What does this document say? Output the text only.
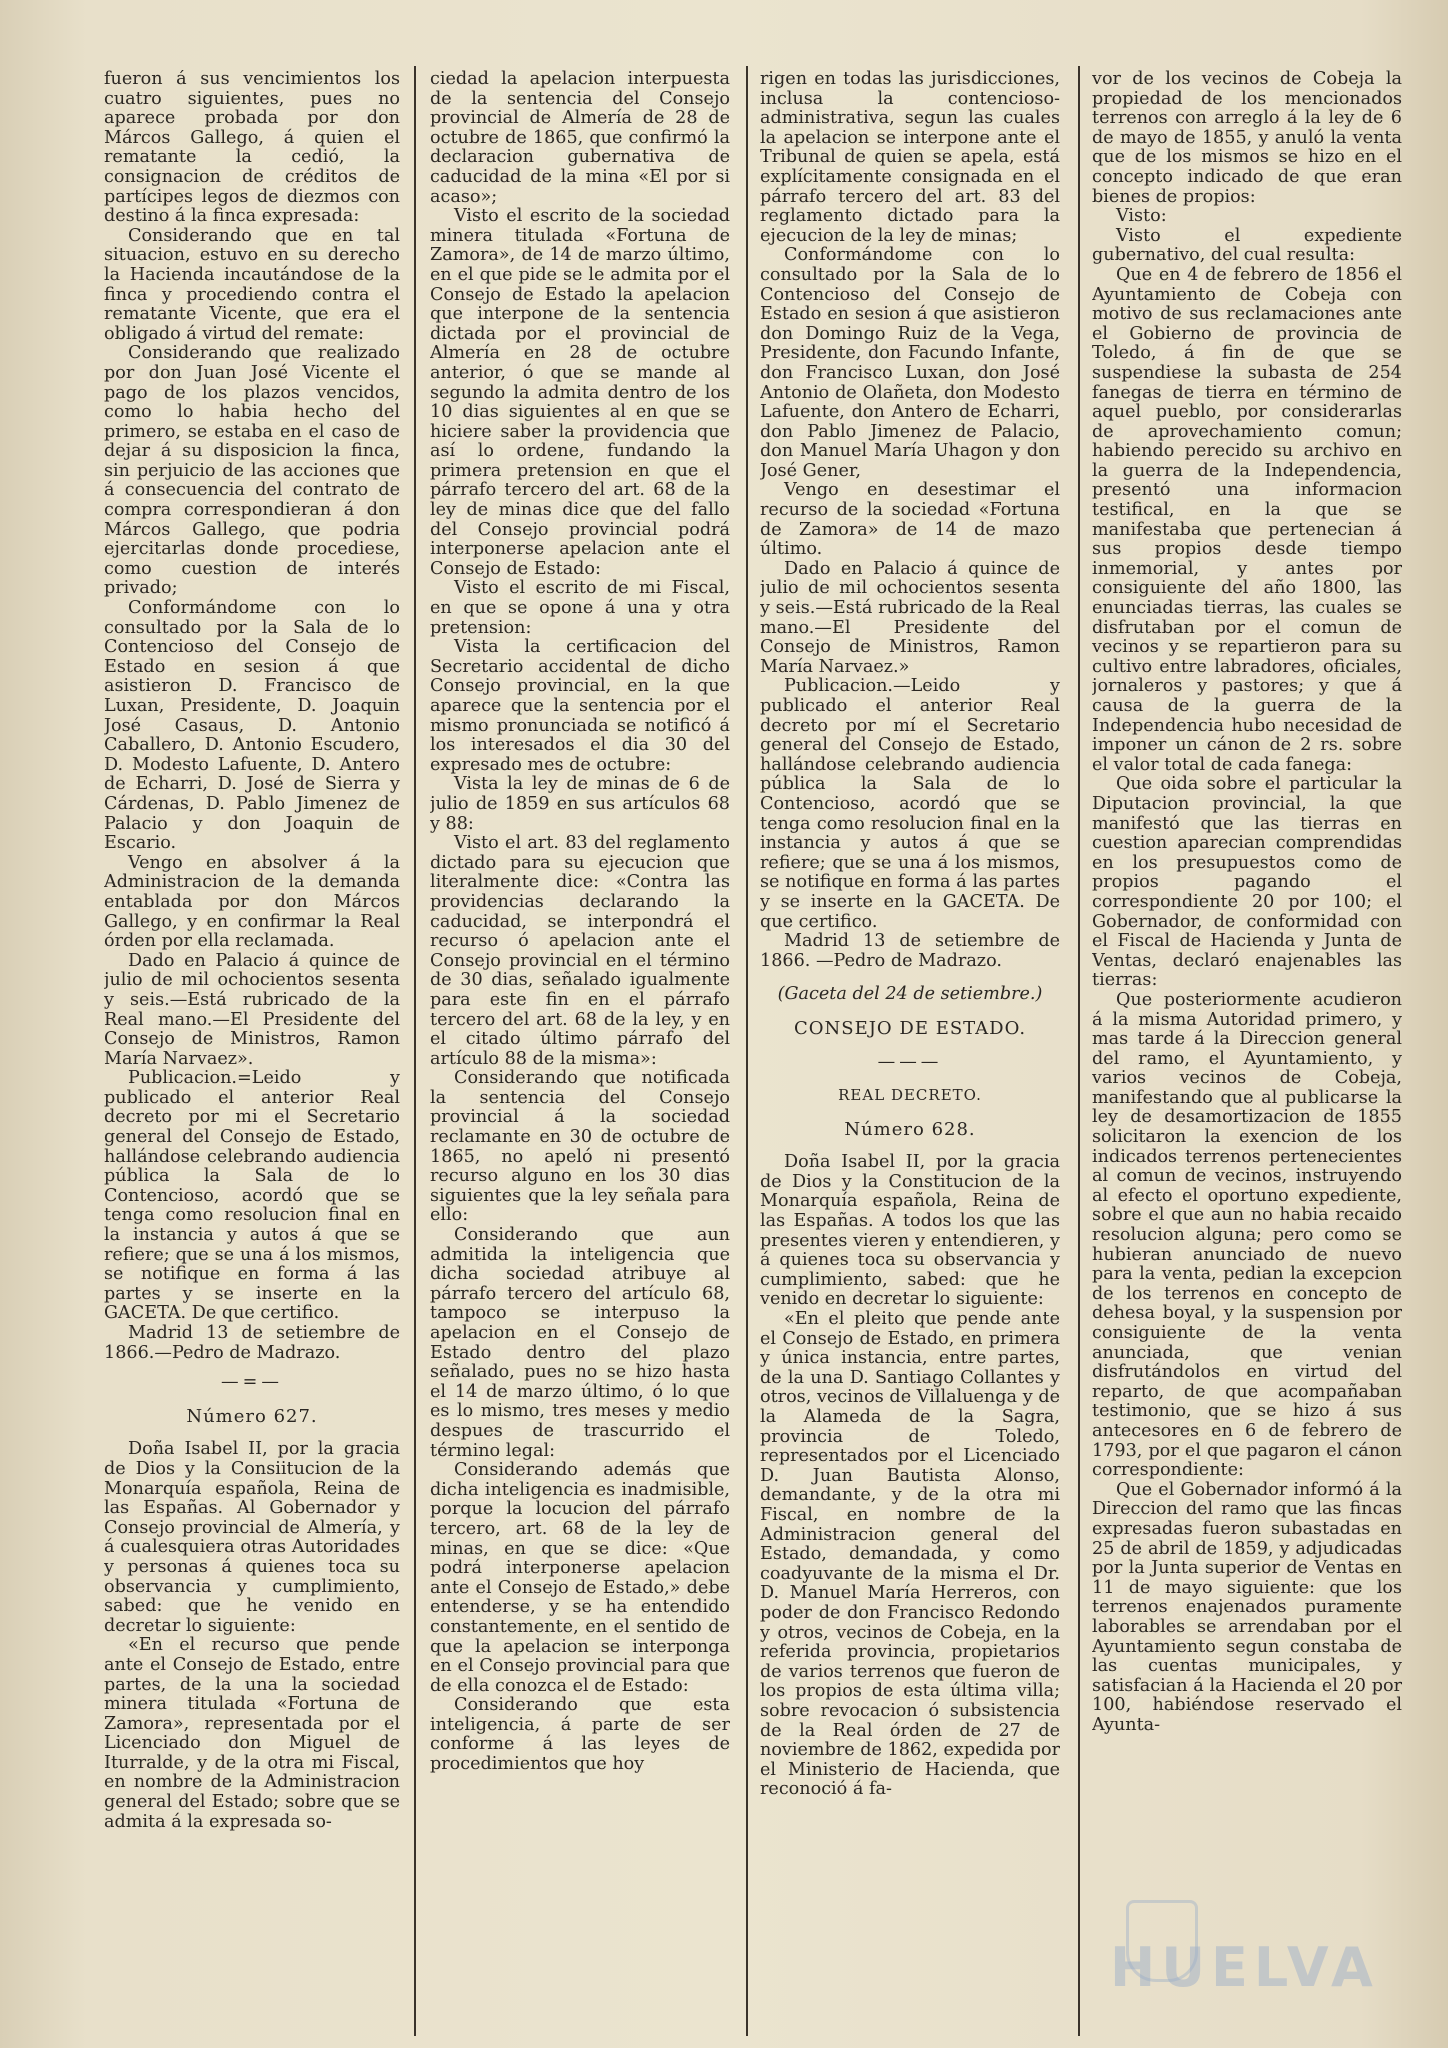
fueron á sus vencimientos los cuatro siguientes, pues no aparece probada por don Márcos Gallego, á quien el rematante la cedió, la consignacion de créditos de partícipes legos de diezmos con destino á la finca expresada:

Considerando que en tal situacion, estuvo en su derecho la Hacienda incautándose de la finca y procediendo contra el rematante Vicente, que era el obligado á virtud del remate:

Considerando que realizado por don Juan José Vicente el pago de los plazos vencidos, como lo habia hecho del primero, se estaba en el caso de dejar á su disposicion la finca, sin perjuicio de las acciones que á consecuencia del contrato de compra correspondieran á don Márcos Gallego, que podria ejercitarlas donde procediese, como cuestion de interés privado;

Conformándome con lo consultado por la Sala de lo Contencioso del Consejo de Estado en sesion á que asistieron D. Francisco de Luxan, Presidente, D. Joaquin José Casaus, D. Antonio Caballero, D. Antonio Escudero, D. Modesto Lafuente, D. Antero de Echarri, D. José de Sierra y Cárdenas, D. Pablo Jimenez de Palacio y don Joaquin de Escario.

Vengo en absolver á la Administracion de la demanda entablada por don Márcos Gallego, y en confirmar la Real órden por ella reclamada.

Dado en Palacio á quince de julio de mil ochocientos sesenta y seis.—Está rubricado de la Real mano.—El Presidente del Consejo de Ministros, Ramon María Narvaez».

Publicacion.=Leido y publicado el anterior Real decreto por mi el Secretario general del Consejo de Estado, hallándose celebrando audiencia pública la Sala de lo Contencioso, acordó que se tenga como resolucion final en la instancia y autos á que se refiere; que se una á los mismos, se notifique en forma á las partes y se inserte en la GACETA. De que certifico.

Madrid 13 de setiembre de 1866.—Pedro de Madrazo.

—=—

Número 627.

Doña Isabel II, por la gracia de Dios y la Consiitucion de la Monarquía española, Reina de las Españas. Al Gobernador y Consejo provincial de Almería, y á cualesquiera otras Autoridades y personas á quienes toca su observancia y cumplimiento, sabed: que he venido en decretar lo siguiente:

«En el recurso que pende ante el Consejo de Estado, entre partes, de la una la sociedad minera titulada «Fortuna de Zamora», representada por el Licenciado don Miguel de Iturralde, y de la otra mi Fiscal, en nombre de la Administracion general del Estado; sobre que se admita á la expresada so-

ciedad la apelacion interpuesta de la sentencia del Consejo provincial de Almería de 28 de octubre de 1865, que confirmó la declaracion gubernativa de caducidad de la mina «El por si acaso»;

Visto el escrito de la sociedad minera titulada «Fortuna de Zamora», de 14 de marzo último, en el que pide se le admita por el Consejo de Estado la apelacion que interpone de la sentencia dictada por el provincial de Almería en 28 de octubre anterior, ó que se mande al segundo la admita dentro de los 10 dias siguientes al en que se hiciere saber la providencia que así lo ordene, fundando la primera pretension en que el párrafo tercero del art. 68 de la ley de minas dice que del fallo del Consejo provincial podrá interponerse apelacion ante el Consejo de Estado:

Visto el escrito de mi Fiscal, en que se opone á una y otra pretension:

Vista la certificacion del Secretario accidental de dicho Consejo provincial, en la que aparece que la sentencia por el mismo pronunciada se notificó á los interesados el dia 30 del expresado mes de octubre:

Vista la ley de minas de 6 de julio de 1859 en sus artículos 68 y 88:

Visto el art. 83 del reglamento dictado para su ejecucion que literalmente dice: «Contra las providencias declarando la caducidad, se interpondrá el recurso ó apelacion ante el Consejo provincial en el término de 30 dias, señalado igualmente para este fin en el párrafo tercero del art. 68 de la ley, y en el citado último párrafo del artículo 88 de la misma»:

Considerando que notificada la sentencia del Consejo provincial á la sociedad reclamante en 30 de octubre de 1865, no apeló ni presentó recurso alguno en los 30 dias siguientes que la ley señala para ello:

Considerando que aun admitida la inteligencia que dicha sociedad atribuye al párrafo tercero del artículo 68, tampoco se interpuso la apelacion en el Consejo de Estado dentro del plazo señalado, pues no se hizo hasta el 14 de marzo último, ó lo que es lo mismo, tres meses y medio despues de trascurrido el término legal:

Considerando además que dicha inteligencia es inadmisible, porque la locucion del párrafo tercero, art. 68 de la ley de minas, en que se dice: «Que podrá interponerse apelacion ante el Consejo de Estado,» debe entenderse, y se ha entendido constantemente, en el sentido de que la apelacion se interponga en el Consejo provincial para que de ella conozca el de Estado:

Considerando que esta inteligencia, á parte de ser conforme á las leyes de procedimientos que hoy

rigen en todas las jurisdicciones, inclusa la contencioso-administrativa, segun las cuales la apelacion se interpone ante el Tribunal de quien se apela, está explícitamente consignada en el párrafo tercero del art. 83 del reglamento dictado para la ejecucion de la ley de minas;

Conformándome con lo consultado por la Sala de lo Contencioso del Consejo de Estado en sesion á que asistieron don Domingo Ruiz de la Vega, Presidente, don Facundo Infante, don Francisco Luxan, don José Antonio de Olañeta, don Modesto Lafuente, don Antero de Echarri, don Pablo Jimenez de Palacio, don Manuel María Uhagon y don José Gener,

Vengo en desestimar el recurso de la sociedad «Fortuna de Zamora» de 14 de mazo último.

Dado en Palacio á quince de julio de mil ochocientos sesenta y seis.—Está rubricado de la Real mano.—El Presidente del Consejo de Ministros, Ramon María Narvaez.»

Publicacion.—Leido y publicado el anterior Real decreto por mí el Secretario general del Consejo de Estado, hallándose celebrando audiencia pública la Sala de lo Contencioso, acordó que se tenga como resolucion final en la instancia y autos á que se refiere; que se una á los mismos, se notifique en forma á las partes y se inserte en la GACETA. De que certifico.

Madrid 13 de setiembre de 1866. —Pedro de Madrazo.

(Gaceta del 24 de setiembre.)

CONSEJO DE ESTADO.

———

REAL DECRETO.

Número 628.

Doña Isabel II, por la gracia de Dios y la Constitucion de la Monarquía española, Reina de las Españas. A todos los que las presentes vieren y entendieren, y á quienes toca su observancia y cumplimiento, sabed: que he venido en decretar lo siguiente:

«En el pleito que pende ante el Consejo de Estado, en primera y única instancia, entre partes, de la una D. Santiago Collantes y otros, vecinos de Villaluenga y de la Alameda de la Sagra, provincia de Toledo, representados por el Licenciado D. Juan Bautista Alonso, demandante, y de la otra mi Fiscal, en nombre de la Administracion general del Estado, demandada, y como coadyuvante de la misma el Dr. D. Manuel María Herreros, con poder de don Francisco Redondo y otros, vecinos de Cobeja, en la referida provincia, propietarios de varios terrenos que fueron de los propios de esta última villa; sobre revocacion ó subsistencia de la Real órden de 27 de noviembre de 1862, expedida por el Ministerio de Hacienda, que reconoció á fa-

vor de los vecinos de Cobeja la propiedad de los mencionados terrenos con arreglo á la ley de 6 de mayo de 1855, y anuló la venta que de los mismos se hizo en el concepto indicado de que eran bienes de propios:

Visto:

Visto el expediente gubernativo, del cual resulta:

Que en 4 de febrero de 1856 el Ayuntamiento de Cobeja con motivo de sus reclamaciones ante el Gobierno de provincia de Toledo, á fin de que se suspendiese la subasta de 254 fanegas de tierra en término de aquel pueblo, por considerarlas de aprovechamiento comun; habiendo perecido su archivo en la guerra de la Independencia, presentó una informacion testifical, en la que se manifestaba que pertenecian á sus propios desde tiempo inmemorial, y antes por consiguiente del año 1800, las enunciadas tierras, las cuales se disfrutaban por el comun de vecinos y se repartieron para su cultivo entre labradores, oficiales, jornaleros y pastores; y que á causa de la guerra de la Independencia hubo necesidad de imponer un cánon de 2 rs. sobre el valor total de cada fanega:

Que oida sobre el particular la Diputacion provincial, la que manifestó que las tierras en cuestion aparecian comprendidas en los presupuestos como de propios pagando el correspondiente 20 por 100; el Gobernador, de conformidad con el Fiscal de Hacienda y Junta de Ventas, declaró enajenables las tierras:

Que posteriormente acudieron á la misma Autoridad primero, y mas tarde á la Direccion general del ramo, el Ayuntamiento, y varios vecinos de Cobeja, manifestando que al publicarse la ley de desamortizacion de 1855 solicitaron la exencion de los indicados terrenos pertenecientes al comun de vecinos, instruyendo al efecto el oportuno expediente, sobre el que aun no habia recaido resolucion alguna; pero como se hubieran anunciado de nuevo para la venta, pedian la excepcion de los terrenos en concepto de dehesa boyal, y la suspension por consiguiente de la venta anunciada, que venian disfrutándolos en virtud del reparto, de que acompañaban testimonio, que se hizo á sus antecesores en 6 de febrero de 1793, por el que pagaron el cánon correspondiente:

Que el Gobernador informó á la Direccion del ramo que las fincas expresadas fueron subastadas en 25 de abril de 1859, y adjudicadas por la Junta superior de Ventas en 11 de mayo siguiente: que los terrenos enajenados puramente laborables se arrendaban por el Ayuntamiento segun constaba de las cuentas municipales, y satisfacian á la Hacienda el 20 por 100, habiéndose reservado el Ayunta-

HUELVA
